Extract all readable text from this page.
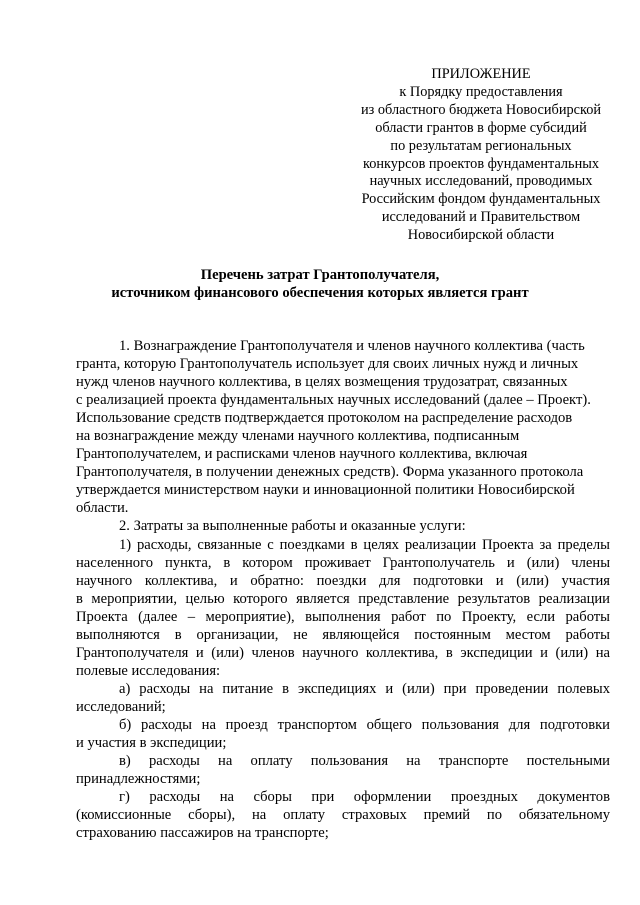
ПРИЛОЖЕНИЕ
к Порядку предоставления
из областного бюджета Новосибирской
области грантов в форме субсидий
по результатам региональных
конкурсов проектов фундаментальных
научных исследований, проводимых
Российским фондом фундаментальных
исследований и Правительством
Новосибирской области
Перечень затрат Грантополучателя,
источником финансового обеспечения которых является грант
1. Вознаграждение Грантополучателя и членов научного коллектива (часть
гранта, которую Грантополучатель использует для своих личных нужд и личных
нужд членов научного коллектива, в целях возмещения трудозатрат, связанных
с реализацией проекта фундаментальных научных исследований (далее – Проект).
Использование средств подтверждается протоколом на распределение расходов
на вознаграждение между членами научного коллектива, подписанным
Грантополучателем, и расписками членов научного коллектива, включая
Грантополучателя, в получении денежных средств). Форма указанного протокола
утверждается министерством науки и инновационной политики Новосибирской
области.
2. Затраты за выполненные работы и оказанные услуги:
1) расходы, связанные с поездками в целях реализации Проекта за пределы
населенного пункта, в котором проживает Грантополучатель и (или) члены
научного коллектива, и обратно: поездки для подготовки и (или) участия
в мероприятии, целью которого является представление результатов реализации
Проекта (далее – мероприятие), выполнения работ по Проекту, если работы
выполняются в организации, не являющейся постоянным местом работы
Грантополучателя и (или) членов научного коллектива, в экспедиции и (или) на
полевые исследования:
а) расходы на питание в экспедициях и (или) при проведении полевых
исследований;
б) расходы на проезд транспортом общего пользования для подготовки
и участия в экспедиции;
в) расходы на оплату пользования на транспорте постельными
принадлежностями;
г) расходы на сборы при оформлении проездных документов
(комиссионные сборы), на оплату страховых премий по обязательному
страхованию пассажиров на транспорте;
